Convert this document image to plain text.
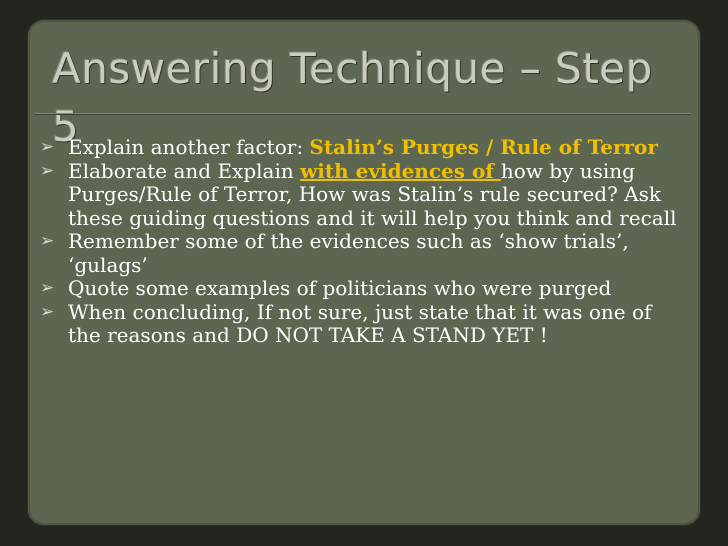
Answering Technique – Step 5
➢ Explain another factor: Stalin’s Purges / Rule of Terror
➢ Elaborate and Explain with evidences of how by using Purges/Rule of Terror, How was Stalin’s rule secured? Ask these guiding questions and it will help you think and recall
➢ Remember some of the evidences such as ‘show trials’, ‘gulags’
➢ Quote some examples of politicians who were purged
➢ When concluding, If not sure, just state that it was one of the reasons and DO NOT TAKE A STAND YET !
